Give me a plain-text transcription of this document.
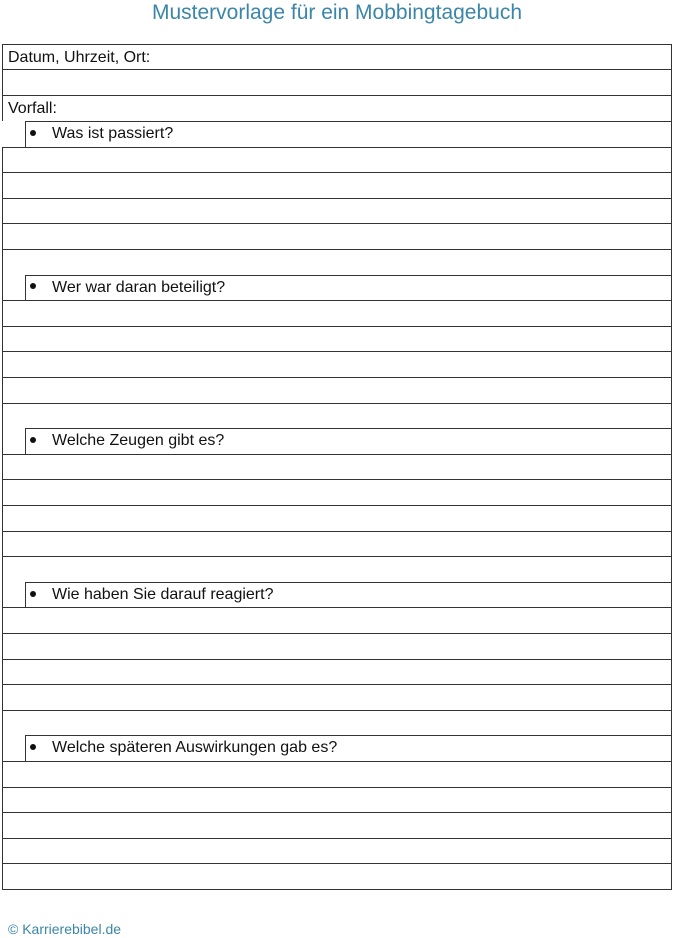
Mustervorlage für ein Mobbingtagebuch
Datum, Uhrzeit, Ort:
Vorfall:
Was ist passiert?
Wer war daran beteiligt?
Welche Zeugen gibt es?
Wie haben Sie darauf reagiert?
Welche späteren Auswirkungen gab es?
© Karrierebibel.de
